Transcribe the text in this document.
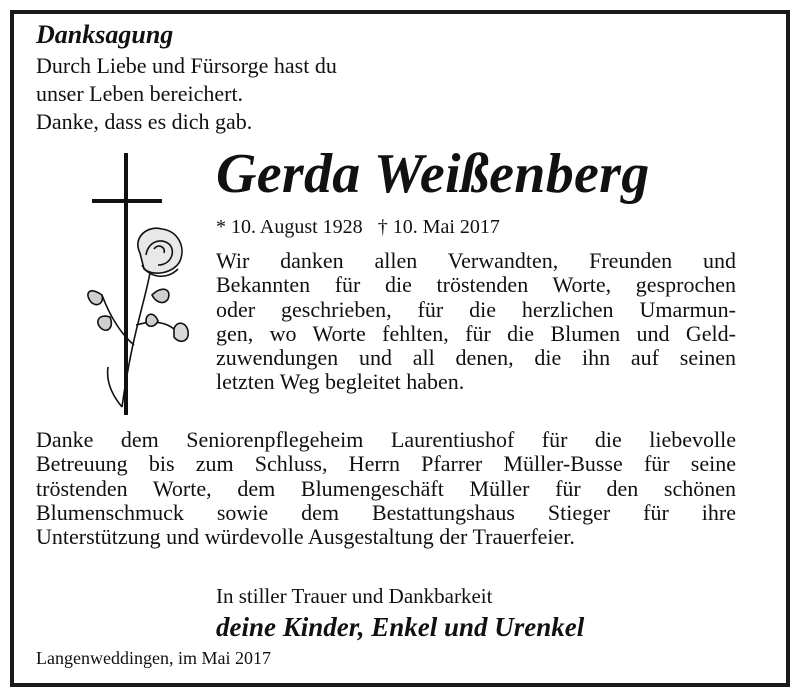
Danksagung
Durch Liebe und Fürsorge hast du
unser Leben bereichert.
Danke, dass es dich gab.
Gerda Weißenberg
* 10. August 1928 † 10. Mai 2017
Wir danken allen Verwandten, Freunden und
Bekannten für die tröstenden Worte, gesprochen
oder geschrieben, für die herzlichen Umarmun-
gen, wo Worte fehlten, für die Blumen und Geld-
zuwendungen und all denen, die ihn auf seinen
letzten Weg begleitet haben.
Danke dem Seniorenpflegeheim Laurentiushof für die liebevolle
Betreuung bis zum Schluss, Herrn Pfarrer Müller-Busse für seine
tröstenden Worte, dem Blumengeschäft Müller für den schönen
Blumenschmuck sowie dem Bestattungshaus Stieger für ihre
Unterstützung und würdevolle Ausgestaltung der Trauerfeier.
In stiller Trauer und Dankbarkeit
deine Kinder, Enkel und Urenkel
Langenweddingen, im Mai 2017
